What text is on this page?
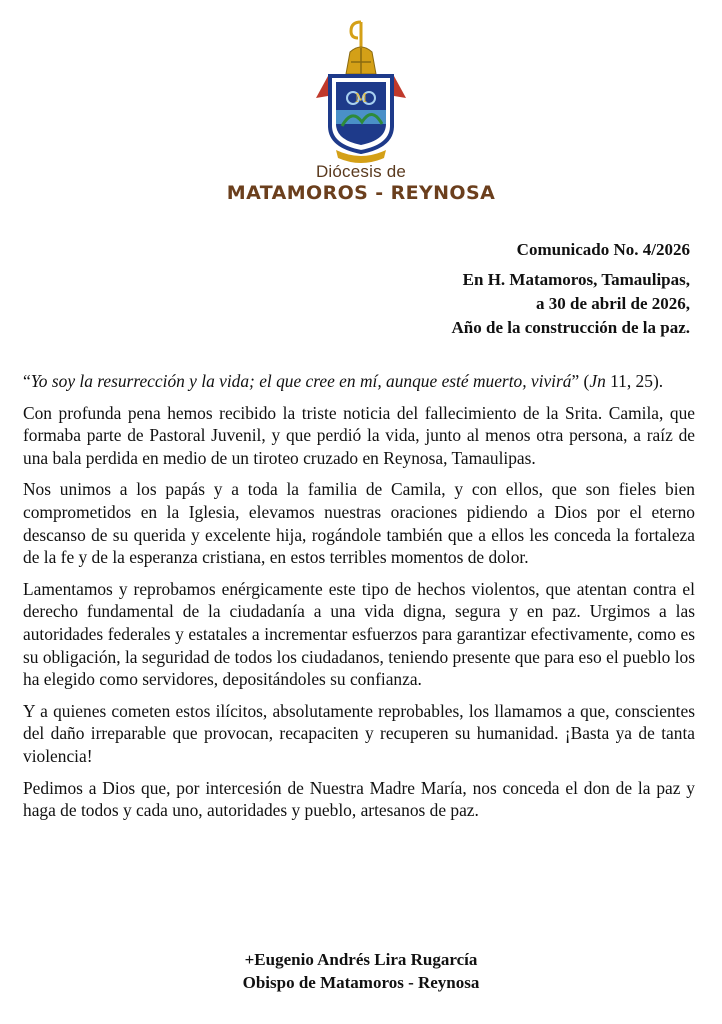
M
Diócesis de
MATAMOROS - REYNOSA
Comunicado No. 4/2026
En H. Matamoros, Tamaulipas,
a 30 de abril de 2026,
Año de la construcción de la paz.

“Yo soy la resurrección y la vida; el que cree en mí, aunque esté muerto, vivirá” (Jn 11, 25).

Con profunda pena hemos recibido la triste noticia del fallecimiento de la Srita. Camila, que formaba parte de Pastoral Juvenil, y que perdió la vida, junto al menos otra persona, a raíz de una bala perdida en medio de un tiroteo cruzado en Reynosa, Tamaulipas.

Nos unimos a los papás y a toda la familia de Camila, y con ellos, que son fieles bien comprometidos en la Iglesia, elevamos nuestras oraciones pidiendo a Dios por el eterno descanso de su querida y excelente hija, rogándole también que a ellos les conceda la fortaleza de la fe y de la esperanza cristiana, en estos terribles momentos de dolor.

Lamentamos y reprobamos enérgicamente este tipo de hechos violentos, que atentan contra el derecho fundamental de la ciudadanía a una vida digna, segura y en paz. Urgimos a las autoridades federales y estatales a incrementar esfuerzos para garantizar efectivamente, como es su obligación, la seguridad de todos los ciudadanos, teniendo presente que para eso el pueblo los ha elegido como servidores, depositándoles su confianza.

Y a quienes cometen estos ilícitos, absolutamente reprobables, los llamamos a que, conscientes del daño irreparable que provocan, recapaciten y recuperen su humanidad. ¡Basta ya de tanta violencia!

Pedimos a Dios que, por intercesión de Nuestra Madre María, nos conceda el don de la paz y haga de todos y cada uno, autoridades y pueblo, artesanos de paz.

+Eugenio Andrés Lira Rugarcía
Obispo de Matamoros - Reynosa
